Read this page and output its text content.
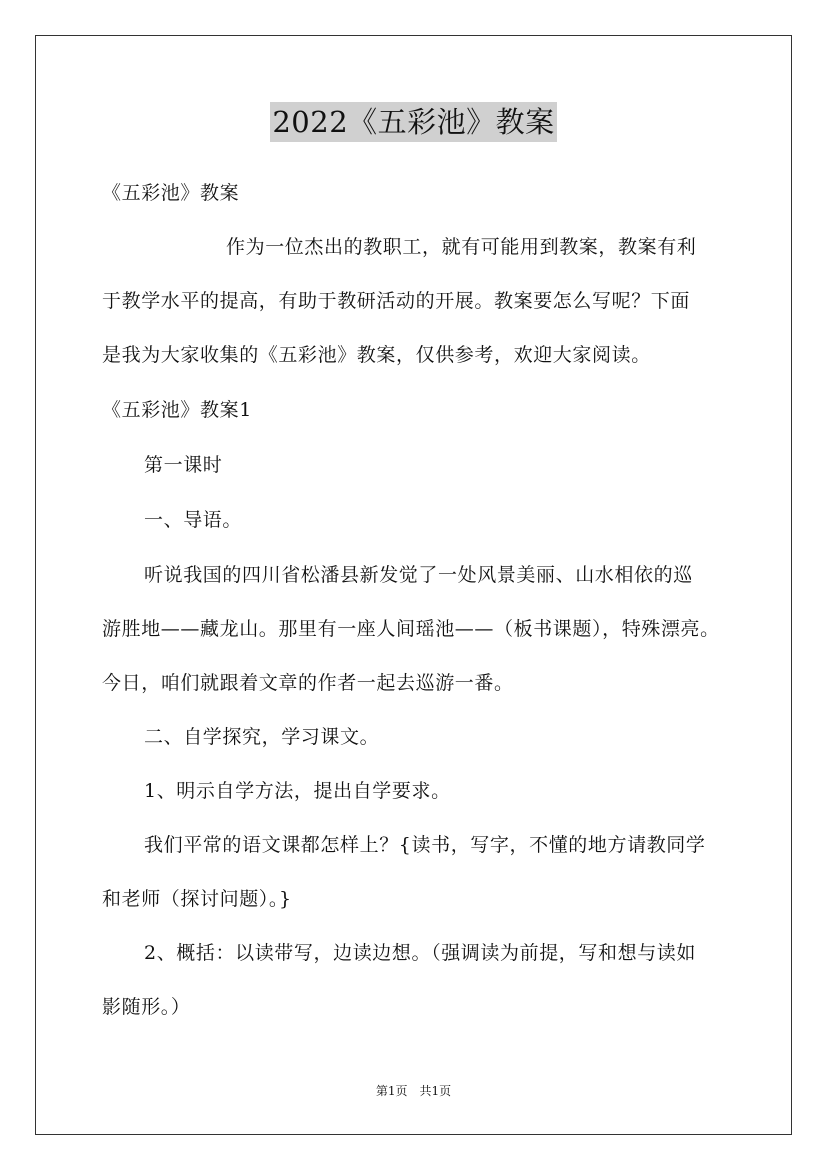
2022《五彩池》教案
《五彩池》教案
作为一位杰出的教职工，就有可能用到教案，教案有利
于教学水平的提高，有助于教研活动的开展。教案要怎么写呢？下面
是我为大家收集的《五彩池》教案，仅供参考，欢迎大家阅读。
《五彩池》教案1
第一课时
一、导语。
听说我国的四川省松潘县新发觉了一处风景美丽、山水相依的巡
游胜地——藏龙山。那里有一座人间瑶池——（板书课题），特殊漂亮。
今日，咱们就跟着文章的作者一起去巡游一番。
二、自学探究，学习课文。
1、明示自学方法，提出自学要求。
我们平常的语文课都怎样上？{读书，写字，不懂的地方请教同学
和老师（探讨问题）。}
2、概括：以读带写，边读边想。（强调读为前提，写和想与读如
影随形。）
第1页　共1页
